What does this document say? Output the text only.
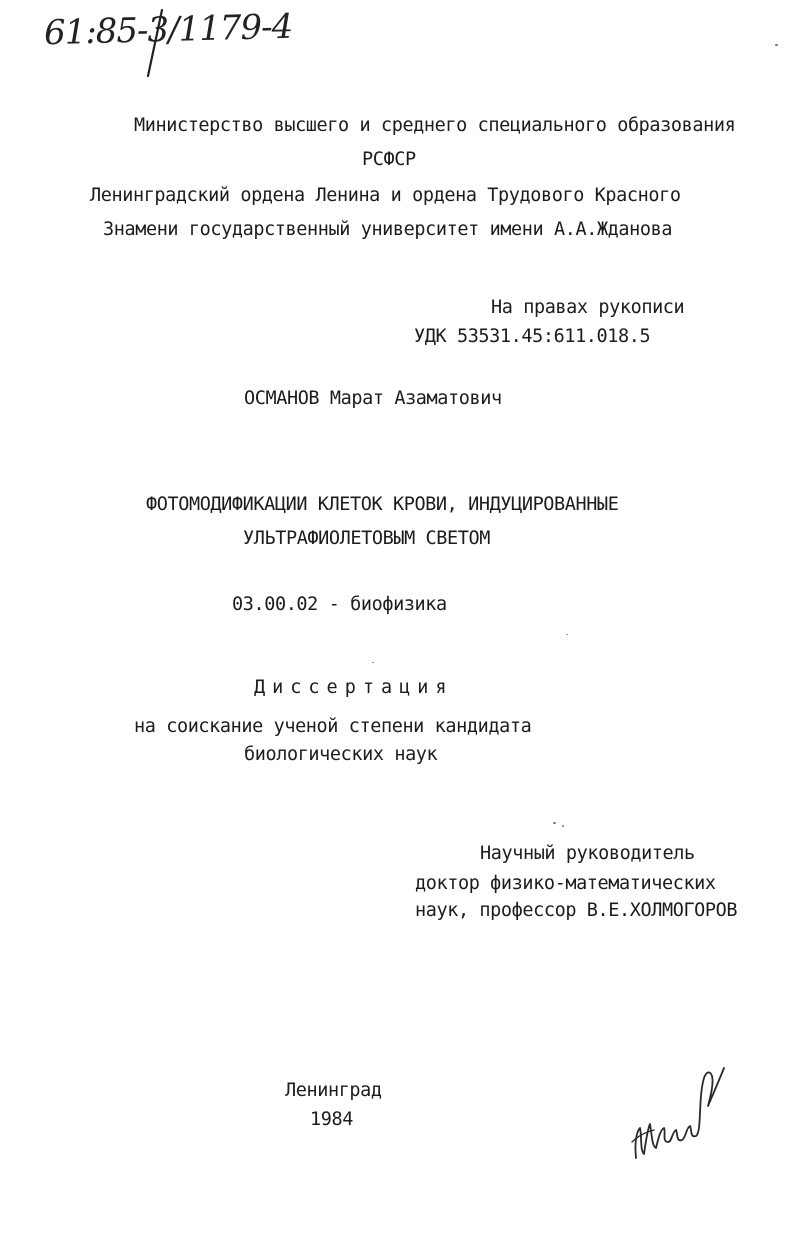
61:85-3/1179-4
Министерство высшего и среднего специального образования
РСФСР
Ленинградский ордена Ленина и ордена Трудового Красного
Знамени государственный университет имени А.А.Жданова
На правах рукописи
УДК 53531.45:611.018.5
ОСМАНОВ Марат Азаматович
ФОТОМОДИФИКАЦИИ КЛЕТОК КРОВИ, ИНДУЦИРОВАННЫЕ
УЛЬТРАФИОЛЕТОВЫМ СВЕТОМ
03.00.02 - биофизика
Диссертация
на соискание ученой степени кандидата
биологических наук
Научный руководитель
доктор физико-математических
наук, профессор В.Е.ХОЛМОГОРОВ
Ленинград
1984
